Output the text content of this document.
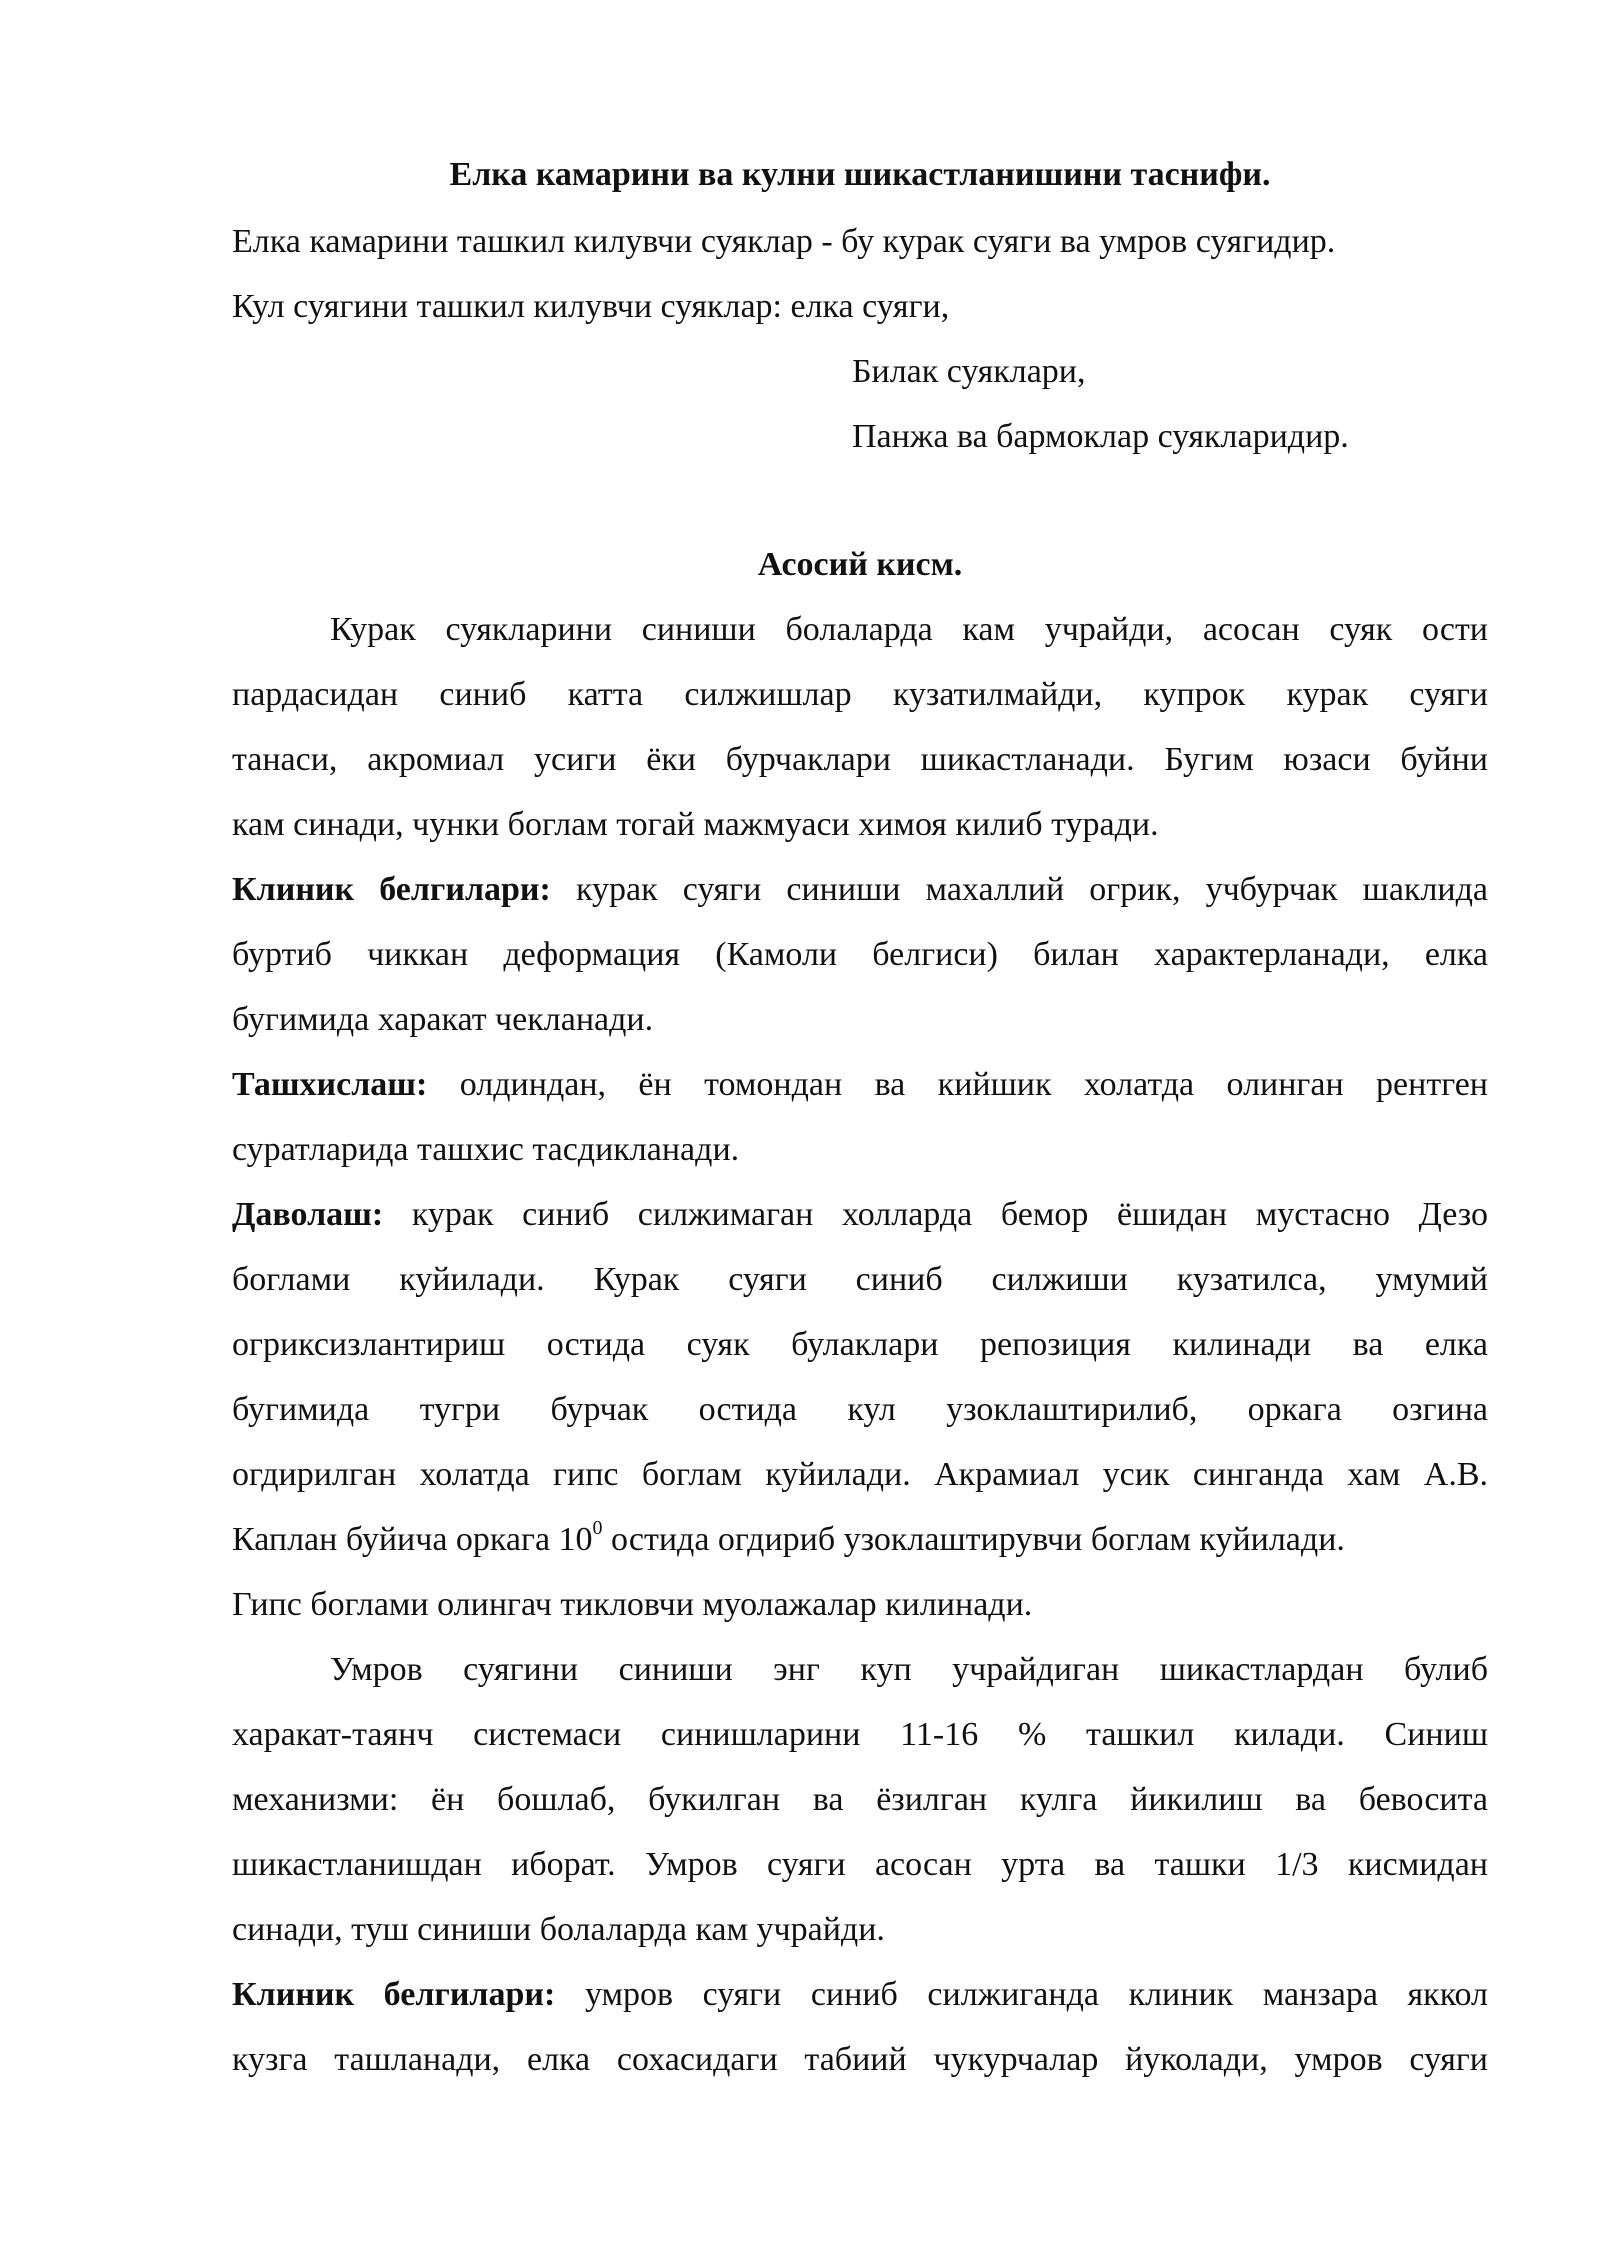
Елка камарини ва кулни шикастланишини таснифи.
Елка камарини ташкил килувчи суяклар - бу курак суяги ва умров суягидир.
Кул суягини ташкил килувчи суяклар: елка суяги,
Билак суяклари,
Панжа ва бармоклар суякларидир.
Асосий кисм.
Курак суякларини синиши болаларда кам учрайди, асосан суяк ости
пардасидан синиб катта силжишлар кузатилмайди, купрок курак суяги
танаси, акромиал усиги ёки бурчаклари шикастланади. Бугим юзаси буйни
кам синади, чунки боглам тогай мажмуаси химоя килиб туради.
Клиник белгилари: курак суяги синиши махаллий огрик, учбурчак шаклида
буртиб чиккан деформация (Камоли белгиси) билан характерланади, елка
бугимида харакат чекланади.
Ташхислаш: олдиндан, ён томондан ва кийшик холатда олинган рентген
суратларида ташхис тасдикланади.
Даволаш: курак синиб силжимаган холларда бемор ёшидан мустасно Дезо
боглами куйилади. Курак суяги синиб силжиши кузатилса, умумий
огриксизлантириш остида суяк булаклари репозиция килинади ва елка
бугимида тугри бурчак остида кул узоклаштирилиб, оркага озгина
огдирилган холатда гипс боглам куйилади. Акрамиал усик синганда хам А.В.
Каплан буйича оркага $10^0$ остида огдириб узоклаштирувчи боглам куйилади.
Гипс боглами олингач тикловчи муолажалар килинади.
Умров суягини синиши энг куп учрайдиган шикастлардан булиб
харакат-таянч системаси синишларини 11-16 % ташкил килади. Синиш
механизми: ён бошлаб, букилган ва ёзилган кулга йикилиш ва бевосита
шикастланишдан иборат. Умров суяги асосан урта ва ташки 1/3 кисмидан
синади, туш синиши болаларда кам учрайди.
Клиник белгилари: умров суяги синиб силжиганда клиник манзара яккол
кузга ташланади, елка сохасидаги табиий чукурчалар йуколади, умров суяги
